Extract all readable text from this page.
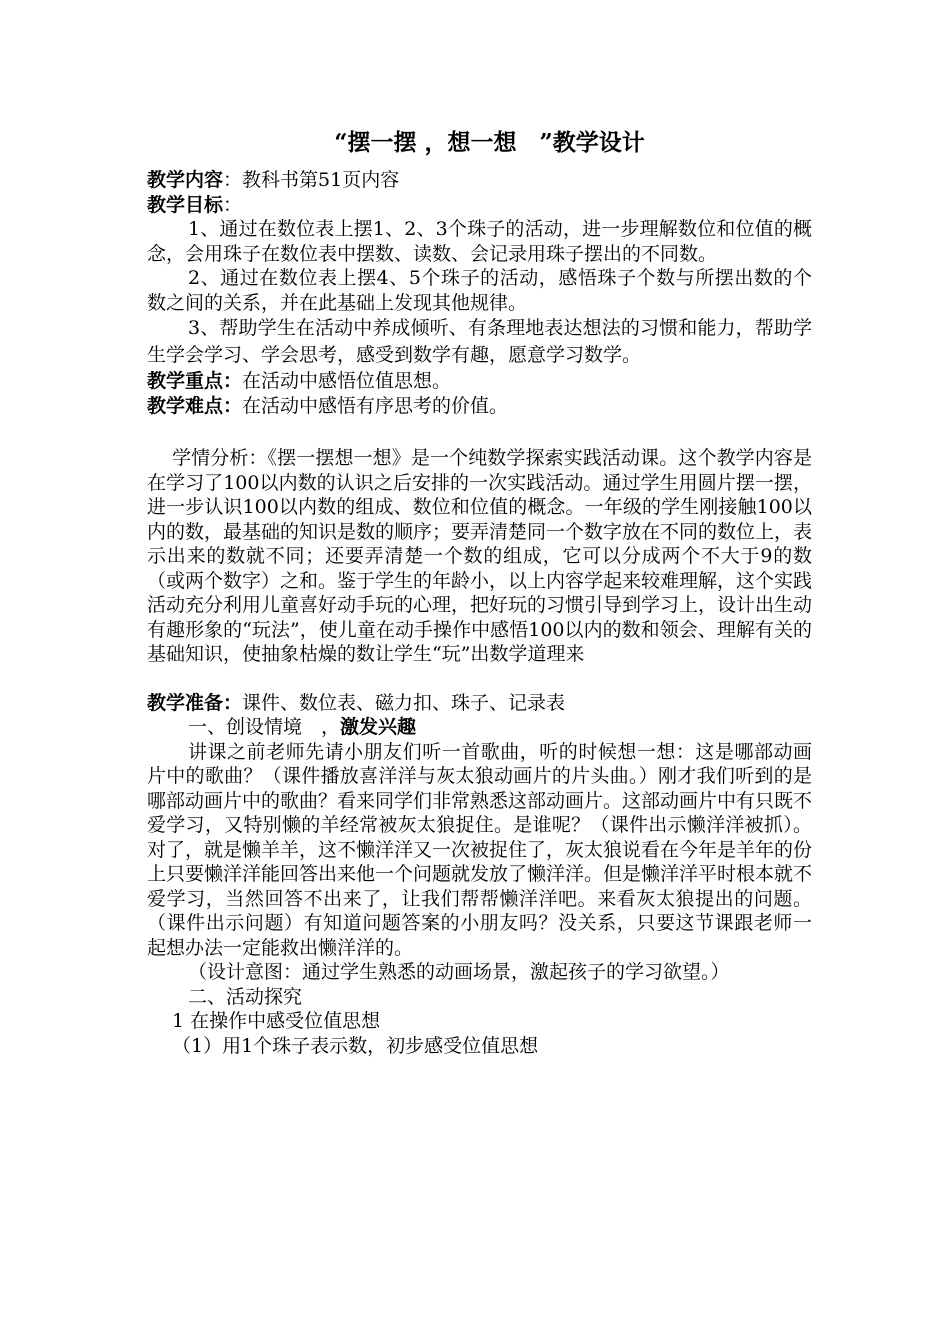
“摆一摆 ，想一想　”教学设计

教学内容：教科书第51页内容

教学目标：

1、通过在数位表上摆1、2、3个珠子的活动，进一步理解数位和位值的概念，会用珠子在数位表中摆数、读数、会记录用珠子摆出的不同数。

2、通过在数位表上摆4、5个珠子的活动，感悟珠子个数与所摆出数的个数之间的关系，并在此基础上发现其他规律。

3、帮助学生在活动中养成倾听、有条理地表达想法的习惯和能力，帮助学生学会学习、学会思考，感受到数学有趣，愿意学习数学。

教学重点：在活动中感悟位值思想。

教学难点：在活动中感悟有序思考的价值。

学情分析：《摆一摆想一想》是一个纯数学探索实践活动课。这个教学内容是在学习了100以内数的认识之后安排的一次实践活动。通过学生用圆片摆一摆，进一步认识100以内数的组成、数位和位值的概念。一年级的学生刚接触100以内的数，最基础的知识是数的顺序；要弄清楚同一个数字放在不同的数位上，表示出来的数就不同；还要弄清楚一个数的组成，它可以分成两个不大于9的数（或两个数字）之和。鉴于学生的年龄小，以上内容学起来较难理解，这个实践活动充分利用儿童喜好动手玩的心理，把好玩的习惯引导到学习上，设计出生动有趣形象的“玩法”，使儿童在动手操作中感悟100以内的数和领会、理解有关的基础知识，使抽象枯燥的数让学生“玩”出数学道理来

教学准备：课件、数位表、磁力扣、珠子、记录表

一、创设情境　，激发兴趣

讲课之前老师先请小朋友们听一首歌曲，听的时候想一想：这是哪部动画片中的歌曲？（课件播放喜洋洋与灰太狼动画片的片头曲。）刚才我们听到的是哪部动画片中的歌曲？看来同学们非常熟悉这部动画片。这部动画片中有只既不爱学习，又特别懒的羊经常被灰太狼捉住。是谁呢？（课件出示懒洋洋被抓）。对了，就是懒羊羊，这不懒洋洋又一次被捉住了，灰太狼说看在今年是羊年的份上只要懒洋洋能回答出来他一个问题就发放了懒洋洋。但是懒洋洋平时根本就不爱学习，当然回答不出来了，让我们帮帮懒洋洋吧。来看灰太狼提出的问题。（课件出示问题）有知道问题答案的小朋友吗？没关系，只要这节课跟老师一起想办法一定能救出懒洋洋的。

（设计意图：通过学生熟悉的动画场景，激起孩子的学习欲望。）

二、活动探究

1 在操作中感受位值思想

（1）用1个珠子表示数，初步感受位值思想
